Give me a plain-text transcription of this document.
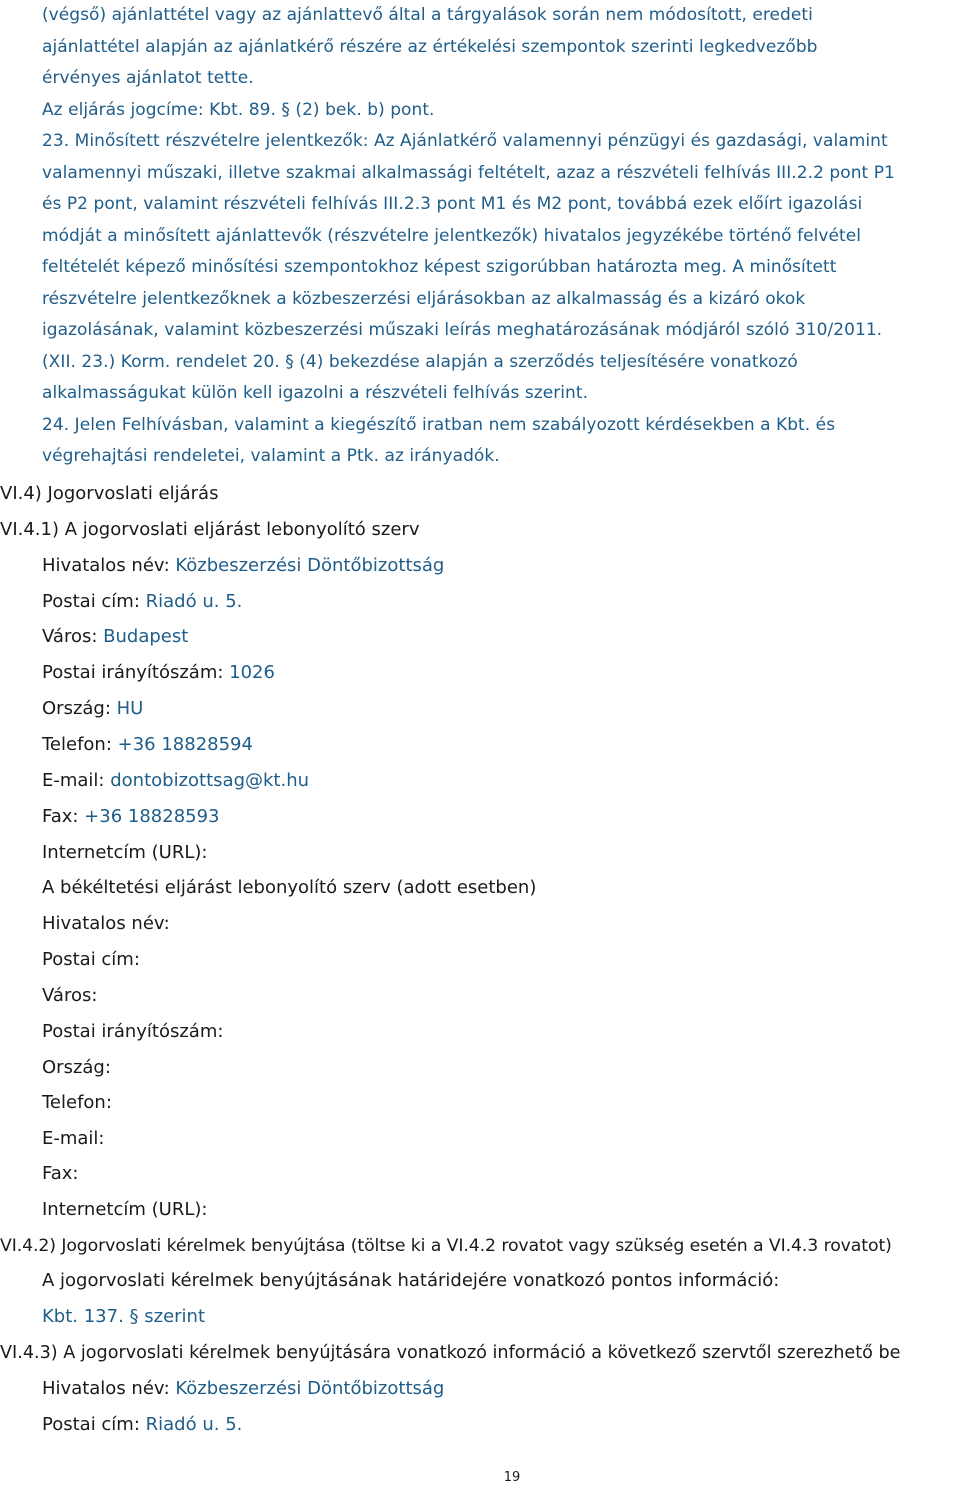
(végső) ajánlattétel vagy az ajánlattevő által a tárgyalások során nem módosított, eredeti
ajánlattétel alapján az ajánlatkérő részére az értékelési szempontok szerinti legkedvezőbb
érvényes ajánlatot tette.
Az eljárás jogcíme: Kbt. 89. § (2) bek. b) pont.
23. Minősített részvételre jelentkezők: Az Ajánlatkérő valamennyi pénzügyi és gazdasági, valamint
valamennyi műszaki, illetve szakmai alkalmassági feltételt, azaz a részvételi felhívás III.2.2 pont P1
és P2 pont, valamint részvételi felhívás III.2.3 pont M1 és M2 pont, továbbá ezek előírt igazolási
módját a minősített ajánlattevők (részvételre jelentkezők) hivatalos jegyzékébe történő felvétel
feltételét képező minősítési szempontokhoz képest szigorúbban határozta meg. A minősített
részvételre jelentkezőknek a közbeszerzési eljárásokban az alkalmasság és a kizáró okok
igazolásának, valamint közbeszerzési műszaki leírás meghatározásának módjáról szóló 310/2011.
(XII. 23.) Korm. rendelet 20. § (4) bekezdése alapján a szerződés teljesítésére vonatkozó
alkalmasságukat külön kell igazolni a részvételi felhívás szerint.
24. Jelen Felhívásban, valamint a kiegészítő iratban nem szabályozott kérdésekben a Kbt. és
végrehajtási rendeletei, valamint a Ptk. az irányadók.
VI.4) Jogorvoslati eljárás
VI.4.1) A jogorvoslati eljárást lebonyolító szerv
Hivatalos név: Közbeszerzési Döntőbizottság
Postai cím: Riadó u. 5.
Város: Budapest
Postai irányítószám: 1026
Ország: HU
Telefon: +36 18828594
E-mail: dontobizottsag@kt.hu
Fax: +36 18828593
Internetcím (URL):
A békéltetési eljárást lebonyolító szerv (adott esetben)
Hivatalos név:
Postai cím:
Város:
Postai irányítószám:
Ország:
Telefon:
E-mail:
Fax:
Internetcím (URL):
VI.4.2) Jogorvoslati kérelmek benyújtása (töltse ki a VI.4.2 rovatot vagy szükség esetén a VI.4.3 rovatot)
A jogorvoslati kérelmek benyújtásának határidejére vonatkozó pontos információ:
Kbt. 137. § szerint
VI.4.3) A jogorvoslati kérelmek benyújtására vonatkozó információ a következő szervtől szerezhető be
Hivatalos név: Közbeszerzési Döntőbizottság
Postai cím: Riadó u. 5.
19
